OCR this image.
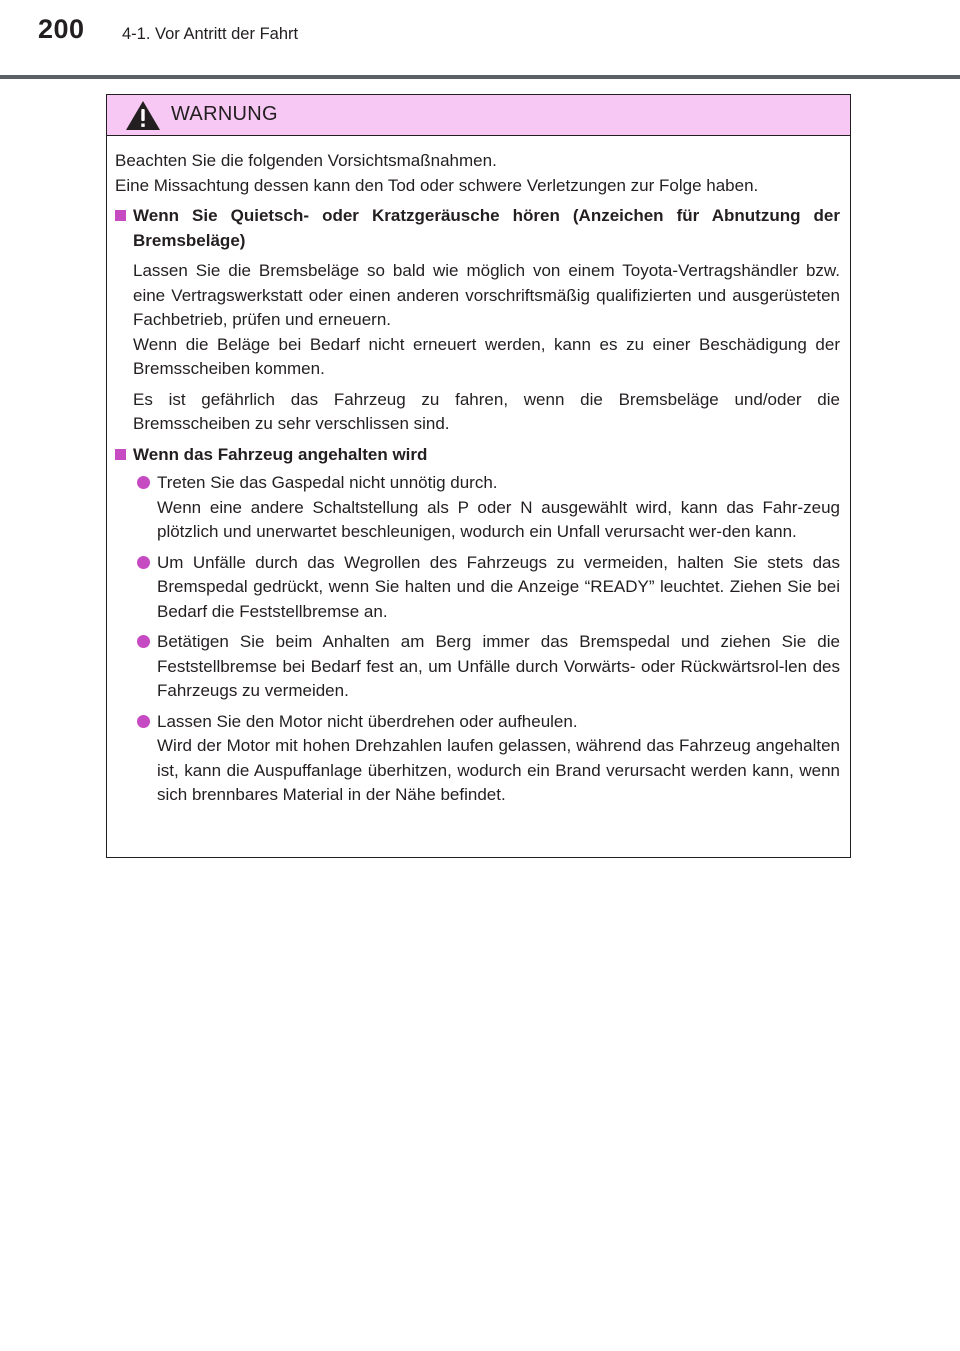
200 4-1. Vor Antritt der Fahrt
WARNUNG

Beachten Sie die folgenden Vorsichtsmaßnahmen.

Eine Missachtung dessen kann den Tod oder schwere Verletzungen zur Folge haben.

Wenn Sie Quietsch- oder Kratzgeräusche hören (Anzeichen für Abnutzung der Bremsbeläge)

Lassen Sie die Bremsbeläge so bald wie möglich von einem Toyota-Vertragshändler bzw. eine Vertragswerkstatt oder einen anderen vorschriftsmäßig qualifizierten und ausgerüsteten Fachbetrieb, prüfen und erneuern.

Wenn die Beläge bei Bedarf nicht erneuert werden, kann es zu einer Beschädigung der Bremsscheiben kommen.

Es ist gefährlich das Fahrzeug zu fahren, wenn die Bremsbeläge und/oder die Bremsscheiben zu sehr verschlissen sind.

Wenn das Fahrzeug angehalten wird

Treten Sie das Gaspedal nicht unnötig durch.

Wenn eine andere Schaltstellung als P oder N ausgewählt wird, kann das Fahr-zeug plötzlich und unerwartet beschleunigen, wodurch ein Unfall verursacht wer-den kann.

Um Unfälle durch das Wegrollen des Fahrzeugs zu vermeiden, halten Sie stets das Bremspedal gedrückt, wenn Sie halten und die Anzeige “READY” leuchtet. Ziehen Sie bei Bedarf die Feststellbremse an.

Betätigen Sie beim Anhalten am Berg immer das Bremspedal und ziehen Sie die Feststellbremse bei Bedarf fest an, um Unfälle durch Vorwärts- oder Rückwärtsrol-len des Fahrzeugs zu vermeiden.

Lassen Sie den Motor nicht überdrehen oder aufheulen.

Wird der Motor mit hohen Drehzahlen laufen gelassen, während das Fahrzeug angehalten ist, kann die Auspuffanlage überhitzen, wodurch ein Brand verursacht werden kann, wenn sich brennbares Material in der Nähe befindet.
